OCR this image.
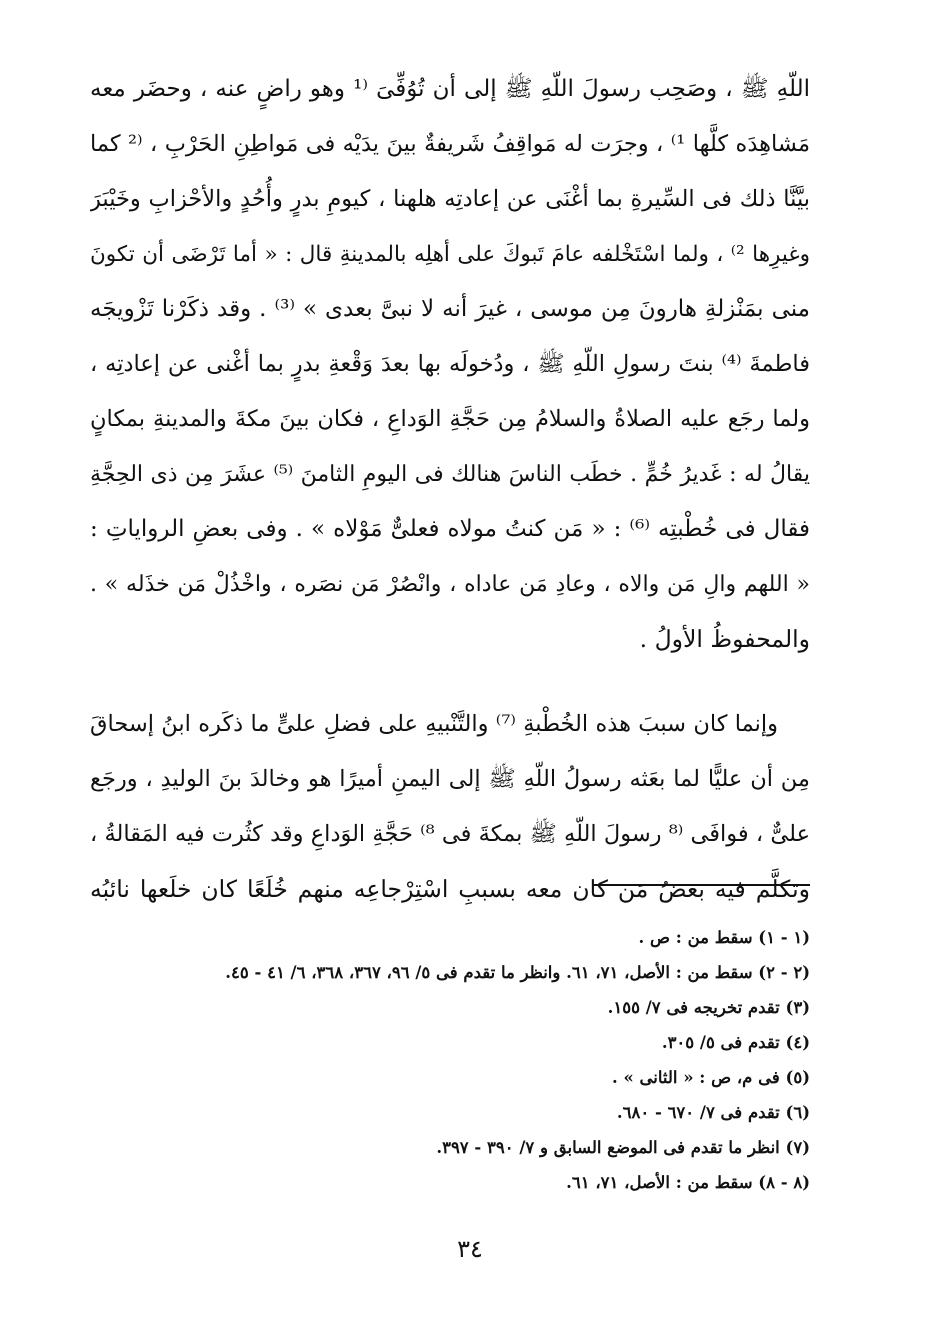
اللّهِ ﷺ ، وصَحِب رسولَ اللّهِ ﷺ إلى أن تُوُفِّىَ ⁽¹ وهو راضٍ عنه ، وحضَر معه
مَشاهِدَه كلَّها ¹⁾ ، وجرَت له مَواقِفُ شَريفةٌ بينَ يدَيْه فى مَواطِنِ الحَرْبِ ، ⁽² كما
بيَّنَّا ذلك فى السِّيرةِ بما أغْنَى عن إعادتِه هلهنا ، كيومِ بدرٍ وأُحُدٍ والأحْزابِ وخَيْبَرَ
وغيرِها ²⁾ ، ولما اسْتَخْلفه عامَ تَبوكَ على أهلِه بالمدينةِ قال : « أما تَرْضَى أن تكونَ
منى بمَنْزلةِ هارونَ مِن موسى ، غيرَ أنه لا نبىَّ بعدى » ⁽³⁾ . وقد ذكَرْنا تَزْويجَه
فاطمةَ ⁽⁴⁾ بنتَ رسولِ اللّهِ ﷺ ، ودُخولَه بها بعدَ وَقْعةِ بدرٍ بما أغْنى عن إعادتِه ،
ولما رجَع عليه الصلاةُ والسلامُ مِن حَجَّةِ الوَداعِ ، فكان بينَ مكةَ والمدينةِ بمكانٍ
يقالُ له : غَديرُ خُمٍّ . خطَب الناسَ هنالك فى اليومِ الثامنَ ⁽⁵⁾ عشَرَ مِن ذى الحِجَّةِ
فقال فى خُطْبتِه ⁽⁶⁾ : « مَن كنتُ مولاه فعلىٌّ مَوْلاه » . وفى بعضِ الرواياتِ :
« اللهم والِ مَن والاه ، وعادِ مَن عاداه ، وانْصُرْ مَن نصَره ، واخْذُلْ مَن خذَله » .
والمحفوظُ الأولُ .
وإنما كان سببَ هذه الخُطْبةِ ⁽⁷⁾ والتَّنْبيهِ على فضلِ علىٍّ ما ذكَره ابنُ إسحاقَ
مِن أن عليًّا لما بعَثه رسولُ اللّهِ ﷺ إلى اليمنِ أميرًا هو وخالدَ بنَ الوليدِ ، ورجَع
علىٌّ ، فوافَى ⁽⁸ رسولَ اللّهِ ﷺ بمكةَ فى ⁸⁾ حَجَّةِ الوَداعِ وقد كثُرت فيه المَقالةُ ،
وتكلَّم فيه بعضُ مَن كان معه بسببِ اسْتِرْجاعِه منهم خُلَعًا كان خلَعها نائبُه
(١ - ١) سقط من : ص .
(٢ - ٢) سقط من : الأصل، ٧١، ٦١. وانظر ما تقدم فى ٥/ ٩٦، ٣٦٧، ٣٦٨، ٦/ ٤١ - ٤٥.
(٣) تقدم تخريجه فى ٧/ ١٥٥.
(٤) تقدم فى ٥/ ٣٠٥.
(٥) فى م، ص : « الثانى » .
(٦) تقدم فى ٧/ ٦٧٠ - ٦٨٠.
(٧) انظر ما تقدم فى الموضع السابق و ٧/ ٣٩٠ - ٣٩٧.
(٨ - ٨) سقط من : الأصل، ٧١، ٦١.
٣٤
